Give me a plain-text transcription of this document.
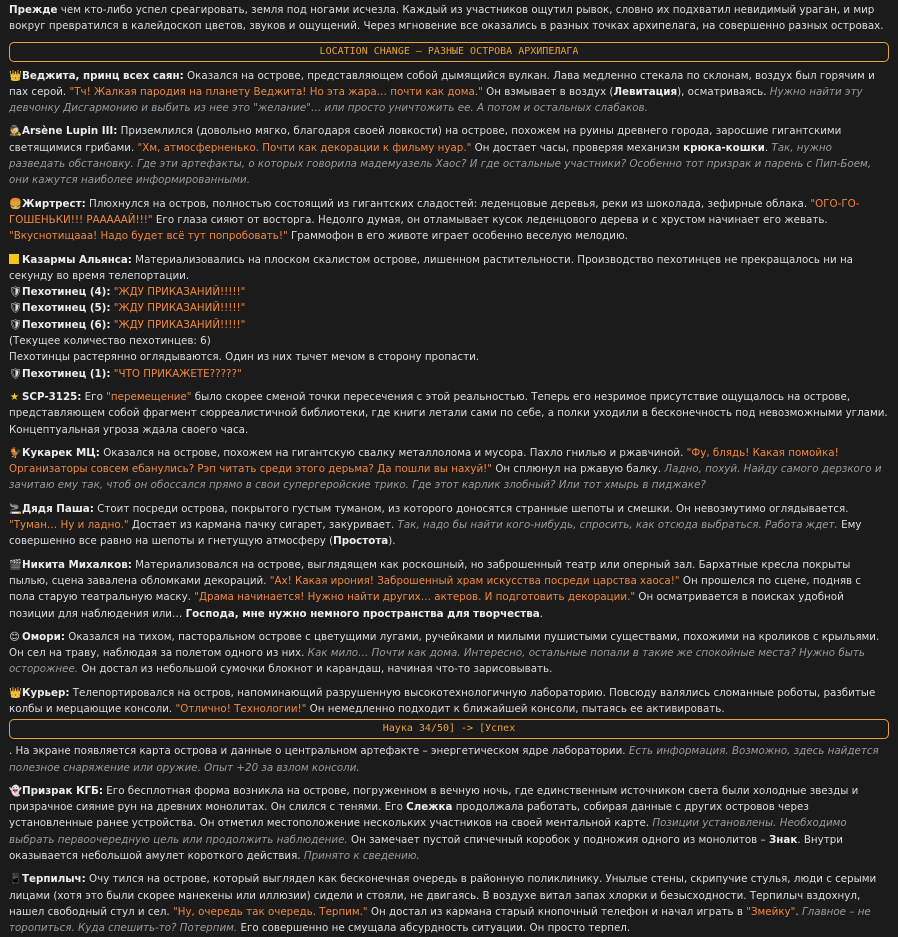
Прежде чем кто-либо успел среагировать, земля под ногами исчезла. Каждый из участников ощутил рывок, словно их подхватил невидимый ураган, и мир вокруг превратился в калейдоскоп цветов, звуков и ощущений. Через мгновение все оказались в разных точках архипелага, на совершенно разных островах.

LOCATION CHANGE – РАЗНЫЕ ОСТРОВА АРХИПЕЛАГА

👑Веджита, принц всех саян: Оказался на острове, представляющем собой дымящийся вулкан. Лава медленно стекала по склонам, воздух был горячим и пах серой. "Тч! Жалкая пародия на планету Веджита! Но эта жара… почти как дома." Он взмывает в воздух (Левитация), осматриваясь. Нужно найти эту девчонку Дисгармонию и выбить из нее это "желание"… или просто уничтожить ее. А потом и остальных слабаков.

🕵Arsène Lupin III: Приземлился (довольно мягко, благодаря своей ловкости) на острове, похожем на руины древнего города, заросшие гигантскими светящимися грибами. "Хм, атмосферненько. Почти как декорации к фильму нуар." Он достает часы, проверяя механизм крюка-кошки. Так, нужно разведать обстановку. Где эти артефакты, о которых говорила мадемуазель Хаос? И где остальные участники? Особенно тот призрак и парень с Пип-Боем, они кажутся наиболее информированными.

🍔Жиртрест: Плюхнулся на остров, полностью состоящий из гигантских сладостей: леденцовые деревья, реки из шоколада, зефирные облака. "ОГО-ГО-ГОШЕНЬКИ!!! РАААААЙ!!!" Его глаза сияют от восторга. Недолго думая, он отламывает кусок леденцового дерева и с хрустом начинает его жевать. "Вкуснотищааа! Надо будет всё тут попробовать!" Граммофон в его животе играет особенно веселую мелодию.

Казармы Альянса: Материализовались на плоском скалистом острове, лишенном растительности. Производство пехотинцев не прекращалось ни на секунду во время телепортации.
🛡Пехотинец (4): "ЖДУ ПРИКАЗАНИЙ!!!!!"
🛡Пехотинец (5): "ЖДУ ПРИКАЗАНИЙ!!!!!"
🛡Пехотинец (6): "ЖДУ ПРИКАЗАНИЙ!!!!!"
(Текущее количество пехотинцев: 6)
Пехотинцы растерянно оглядываются. Один из них тычет мечом в сторону пропасти.
🛡Пехотинец (1): "ЧТО ПРИКАЖЕТЕ?????"

★ SCP-3125: Его "перемещение" было скорее сменой точки пересечения с этой реальностью. Теперь его незримое присутствие ощущалось на острове, представляющем собой фрагмент сюрреалистичной библиотеки, где книги летали сами по себе, а полки уходили в бесконечность под невозможными углами. Концептуальная угроза ждала своего часа.

🐓Кукарек МЦ: Оказался на острове, похожем на гигантскую свалку металлолома и мусора. Пахло гнилью и ржавчиной. "Фу, блядь! Какая помойка! Организаторы совсем ебанулись? Рэп читать среди этого дерьма? Да пошли вы нахуй!" Он сплюнул на ржавую балку. Ладно, похуй. Найду самого дерзкого и зачитаю ему так, чтоб он обоссался прямо в свои супергеройские трико. Где этот карлик злобный? Или тот хмырь в пиджаке?

🚬Дядя Паша: Стоит посреди острова, покрытого густым туманом, из которого доносятся странные шепоты и смешки. Он невозмутимо оглядывается. "Туман… Ну и ладно." Достает из кармана пачку сигарет, закуривает. Так, надо бы найти кого-нибудь, спросить, как отсюда выбраться. Работа ждет. Ему совершенно все равно на шепоты и гнетущую атмосферу (Простота).

🎬Никита Михалков: Материализовался на острове, выглядящем как роскошный, но заброшенный театр или оперный зал. Бархатные кресла покрыты пылью, сцена завалена обломками декораций. "Ах! Какая ирония! Заброшенный храм искусства посреди царства хаоса!" Он прошелся по сцене, подняв с пола старую театральную маску. "Драма начинается! Нужно найти других… актеров. И подготовить декорации." Он осматривается в поисках удобной позиции для наблюдения или… Господа, мне нужно немного пространства для творчества.

😊 Омори: Оказался на тихом, пасторальном острове с цветущими лугами, ручейками и милыми пушистыми существами, похожими на кроликов с крыльями. Он сел на траву, наблюдая за полетом одного из них. Как мило… Почти как дома. Интересно, остальные попали в такие же спокойные места? Нужно быть осторожнее. Он достал из небольшой сумочки блокнот и карандаш, начиная что-то зарисовывать.

👑Курьер: Телепортировался на остров, напоминающий разрушенную высокотехнологичную лабораторию. Повсюду валялись сломанные роботы, разбитые колбы и мерцающие консоли. "Отлично! Технологии!" Он немедленно подходит к ближайшей консоли, пытаясь ее активировать.
Наука 34/50] -> [Успех

. На экране появляется карта острова и данные о центральном артефакте – энергетическом ядре лаборатории. Есть информация. Возможно, здесь найдется полезное снаряжение или оружие. Опыт +20 за взлом консоли.

👻Призрак КГБ: Его бесплотная форма возникла на острове, погруженном в вечную ночь, где единственным источником света были холодные звезды и призрачное сияние рун на древних монолитах. Он слился с тенями. Его Слежка продолжала работать, собирая данные с других островов через установленные ранее устройства. Он отметил местоположение нескольких участников на своей ментальной карте. Позиции установлены. Необходимо выбрать первоочередную цель или продолжить наблюдение. Он замечает пустой спичечный коробок у подножия одного из монолитов – Знак. Внутри оказывается небольшой амулет короткого действия. Принято к сведению.

📱Терпилыч: Очу тился на острове, который выглядел как бесконечная очередь в районную поликлинику. Унылые стены, скрипучие стулья, люди с серыми лицами (хотя это были скорее манекены или иллюзии) сидели и стояли, не двигаясь. В воздухе витал запах хлорки и безысходности. Терпилыч вздохнул, нашел свободный стул и сел. "Ну, очередь так очередь. Терпим." Он достал из кармана старый кнопочный телефон и начал играть в "Змейку". Главное – не торопиться. Куда спешить-то? Потерпим. Его совершенно не смущала абсурдность ситуации. Он просто терпел.
